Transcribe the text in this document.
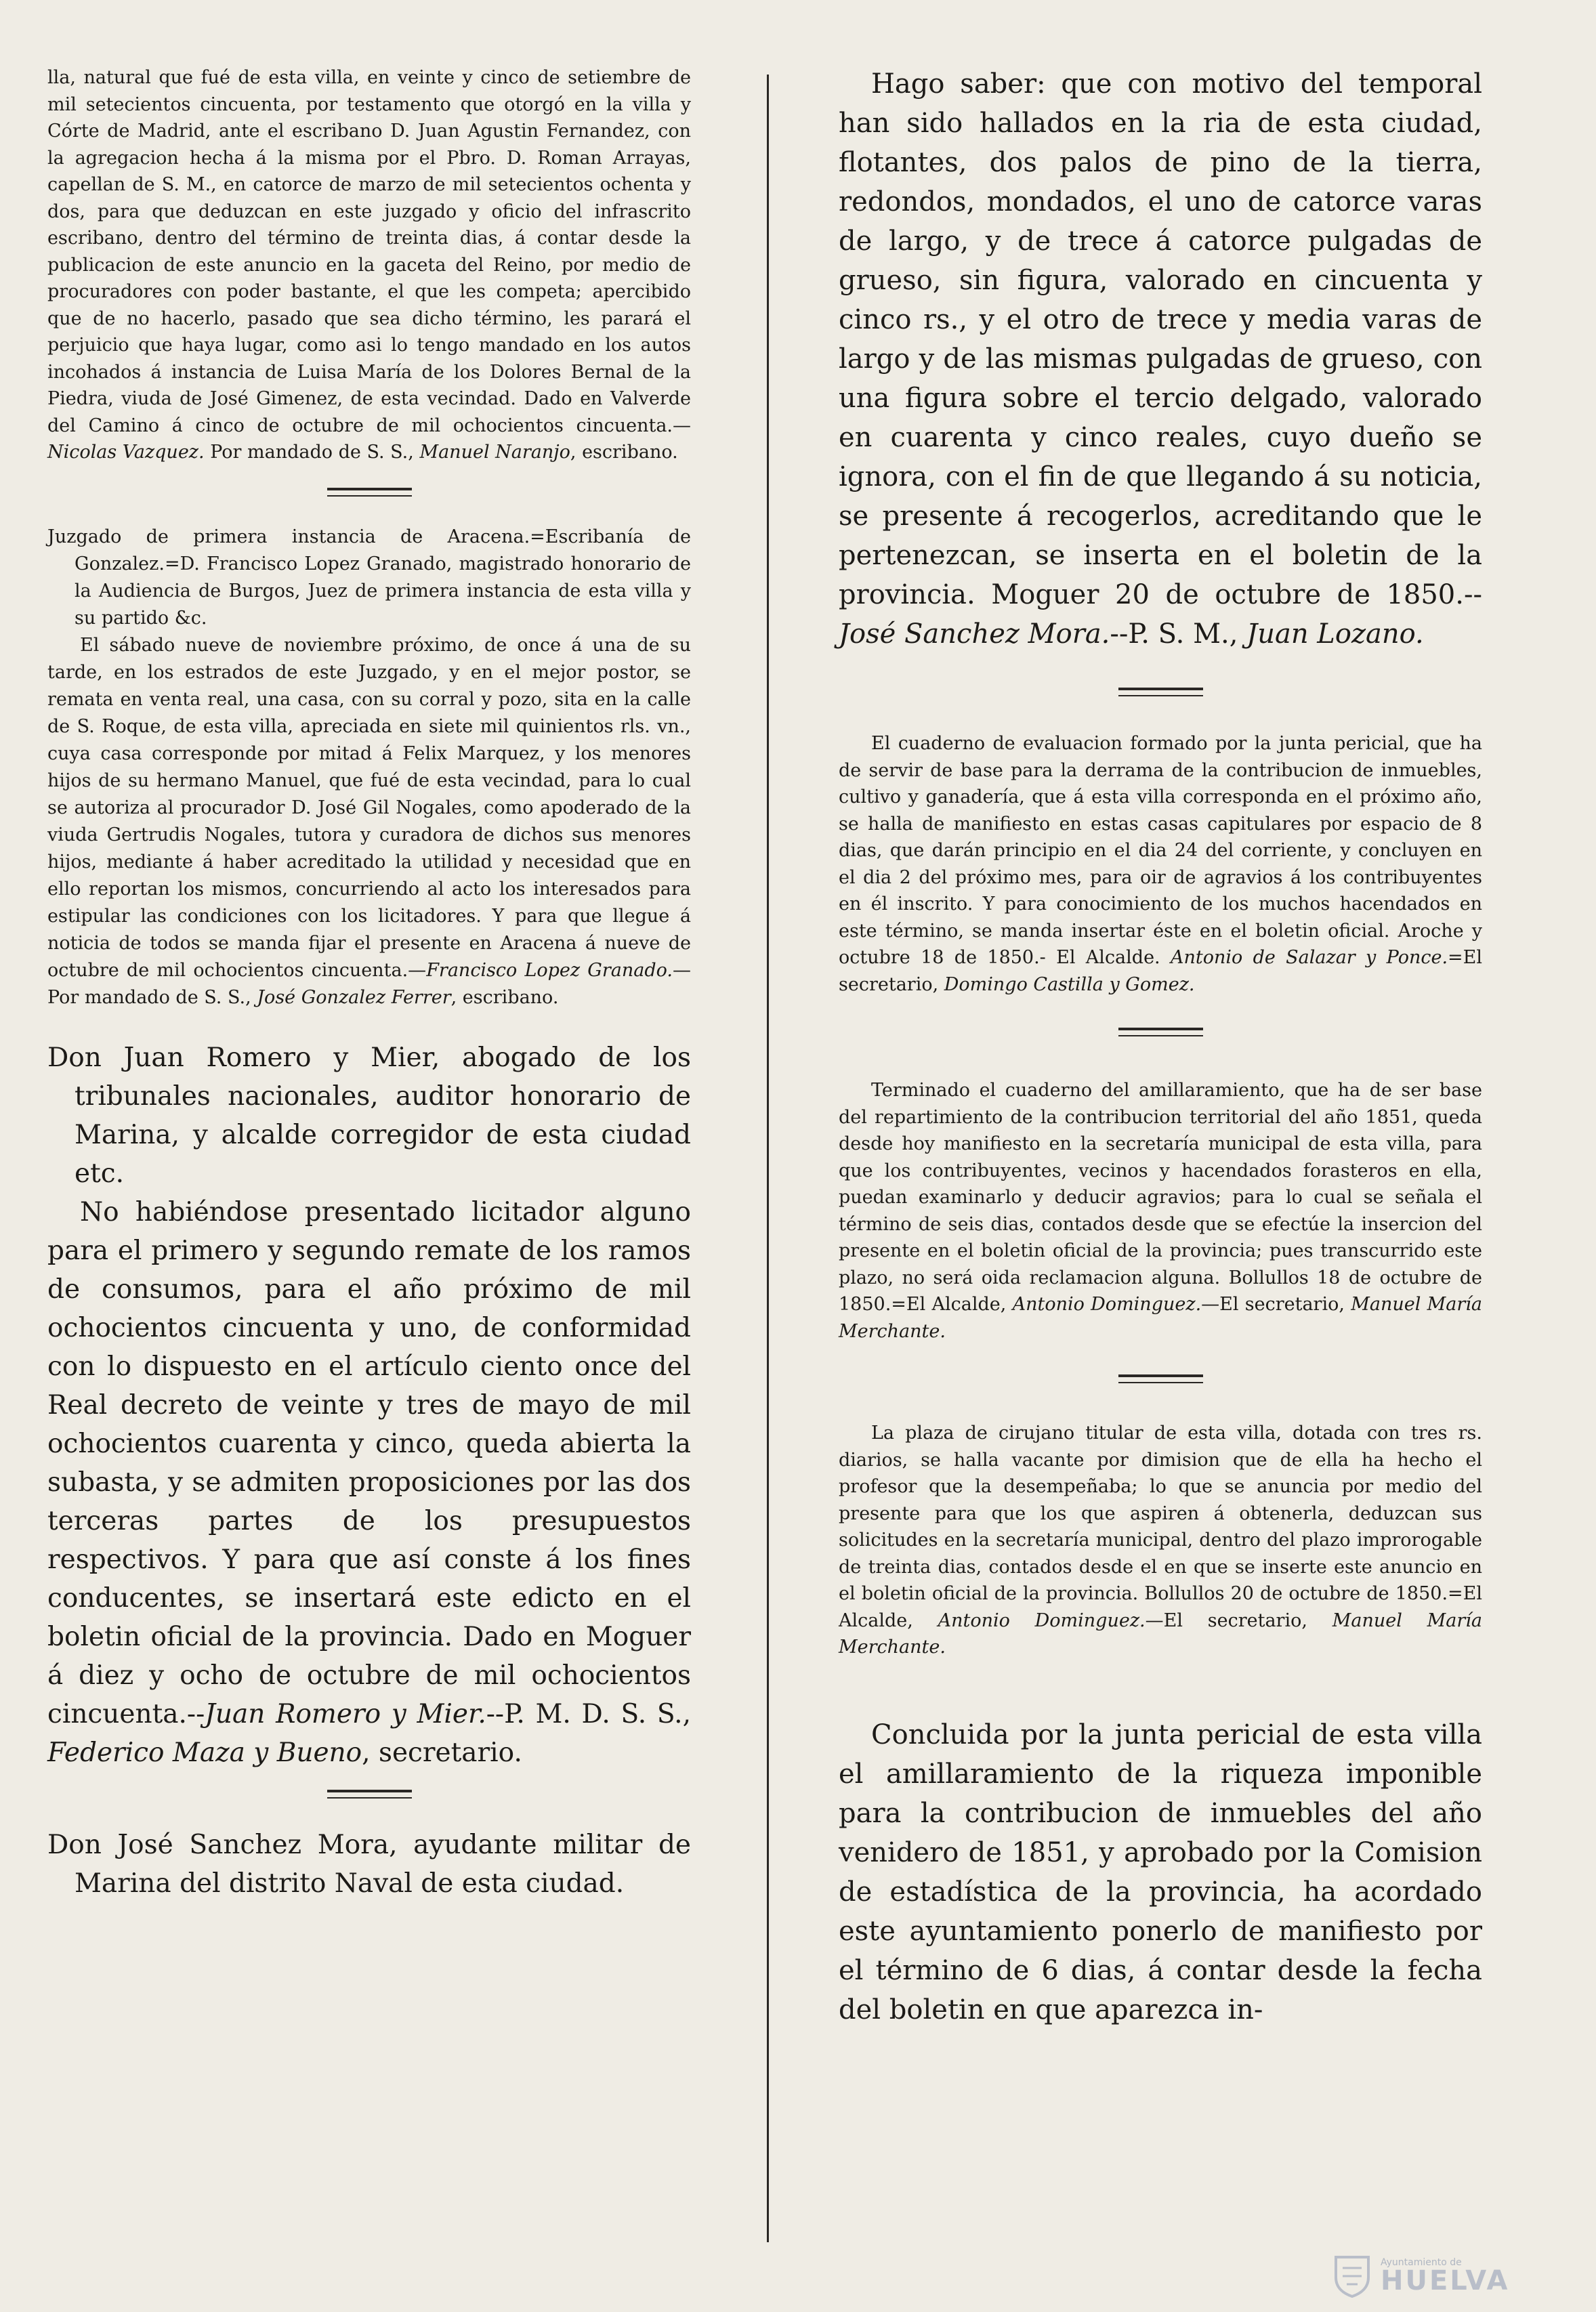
lla, natural que fué de esta villa, en veinte y cinco de setiembre de mil setecientos cincuenta, por testamento que otorgó en la villa y Córte de Madrid, ante el escribano D. Juan Agustin Fernandez, con la agregacion hecha á la misma por el Pbro. D. Roman Arrayas, capellan de S. M., en catorce de marzo de mil setecientos ochenta y dos, para que deduzcan en este juzgado y oficio del infrascrito escribano, dentro del término de treinta dias, á contar desde la publicacion de este anuncio en la gaceta del Reino, por medio de procuradores con poder bastante, el que les competa; apercibido que de no hacerlo, pasado que sea dicho término, les parará el perjuicio que haya lugar, como asi lo tengo mandado en los autos incohados á instancia de Luisa María de los Dolores Bernal de la Piedra, viuda de José Gimenez, de esta vecindad. Dado en Valverde del Camino á cinco de octubre de mil ochocientos cincuenta.—Nicolas Vazquez. Por mandado de S. S., Manuel Naranjo, escribano.

Juzgado de primera instancia de Aracena.=Escribanía de Gonzalez.=D. Francisco Lopez Granado, magistrado honorario de la Audiencia de Burgos, Juez de primera instancia de esta villa y su partido &c.

El sábado nueve de noviembre próximo, de once á una de su tarde, en los estrados de este Juzgado, y en el mejor postor, se remata en venta real, una casa, con su corral y pozo, sita en la calle de S. Roque, de esta villa, apreciada en siete mil quinientos rls. vn., cuya casa corresponde por mitad á Felix Marquez, y los menores hijos de su hermano Manuel, que fué de esta vecindad, para lo cual se autoriza al procurador D. José Gil Nogales, como apoderado de la viuda Gertrudis Nogales, tutora y curadora de dichos sus menores hijos, mediante á haber acreditado la utilidad y necesidad que en ello reportan los mismos, concurriendo al acto los interesados para estipular las condiciones con los licitadores. Y para que llegue á noticia de todos se manda fijar el presente en Aracena á nueve de octubre de mil ochocientos cincuenta.—Francisco Lopez Granado.—Por mandado de S. S., José Gonzalez Ferrer, escribano.

Don Juan Romero y Mier, abogado de los tribunales nacionales, auditor honorario de Marina, y alcalde corregidor de esta ciudad etc.

No habiéndose presentado licitador alguno para el primero y segundo remate de los ramos de consumos, para el año próximo de mil ochocientos cincuenta y uno, de conformidad con lo dispuesto en el artículo ciento once del Real decreto de veinte y tres de mayo de mil ochocientos cuarenta y cinco, queda abierta la subasta, y se admiten proposiciones por las dos terceras partes de los presupuestos respectivos. Y para que así conste á los fines conducentes, se insertará este edicto en el boletin oficial de la provincia. Dado en Moguer á diez y ocho de octubre de mil ochocientos cincuenta.--Juan Romero y Mier.--P. M. D. S. S., Federico Maza y Bueno, secretario.

Don José Sanchez Mora, ayudante militar de Marina del distrito Naval de esta ciudad.

Hago saber: que con motivo del temporal han sido hallados en la ria de esta ciudad, flotantes, dos palos de pino de la tierra, redondos, mondados, el uno de catorce varas de largo, y de trece á catorce pulgadas de grueso, sin figura, valorado en cincuenta y cinco rs., y el otro de trece y media varas de largo y de las mismas pulgadas de grueso, con una figura sobre el tercio delgado, valorado en cuarenta y cinco reales, cuyo dueño se ignora, con el fin de que llegando á su noticia, se presente á recogerlos, acreditando que le pertenezcan, se inserta en el boletin de la provincia. Moguer 20 de octubre de 1850.--José Sanchez Mora.--P. S. M., Juan Lozano.

El cuaderno de evaluacion formado por la junta pericial, que ha de servir de base para la derrama de la contribucion de inmuebles, cultivo y ganadería, que á esta villa corresponda en el próximo año, se halla de manifiesto en estas casas capitulares por espacio de 8 dias, que darán principio en el dia 24 del corriente, y concluyen en el dia 2 del próximo mes, para oir de agravios á los contribuyentes en él inscrito. Y para conocimiento de los muchos hacendados en este término, se manda insertar éste en el boletin oficial. Aroche y octubre 18 de 1850.- El Alcalde. Antonio de Salazar y Ponce.=El secretario, Domingo Castilla y Gomez.

Terminado el cuaderno del amillaramiento, que ha de ser base del repartimiento de la contribucion territorial del año 1851, queda desde hoy manifiesto en la secretaría municipal de esta villa, para que los contribuyentes, vecinos y hacendados forasteros en ella, puedan examinarlo y deducir agravios; para lo cual se señala el término de seis dias, contados desde que se efectúe la insercion del presente en el boletin oficial de la provincia; pues transcurrido este plazo, no será oida reclamacion alguna. Bollullos 18 de octubre de 1850.=El Alcalde, Antonio Dominguez.—El secretario, Manuel María Merchante.

La plaza de cirujano titular de esta villa, dotada con tres rs. diarios, se halla vacante por dimision que de ella ha hecho el profesor que la desempeñaba; lo que se anuncia por medio del presente para que los que aspiren á obtenerla, deduzcan sus solicitudes en la secretaría municipal, dentro del plazo improrogable de treinta dias, contados desde el en que se inserte este anuncio en el boletin oficial de la provincia. Bollullos 20 de octubre de 1850.=El Alcalde, Antonio Dominguez.—El secretario, Manuel María Merchante.

Concluida por la junta pericial de esta villa el amillaramiento de la riqueza imponible para la contribucion de inmuebles del año venidero de 1851, y aprobado por la Comision de estadística de la provincia, ha acordado este ayuntamiento ponerlo de manifiesto por el término de 6 dias, á contar desde la fecha del boletin en que aparezca in-

Ayuntamiento de
HUELVA
